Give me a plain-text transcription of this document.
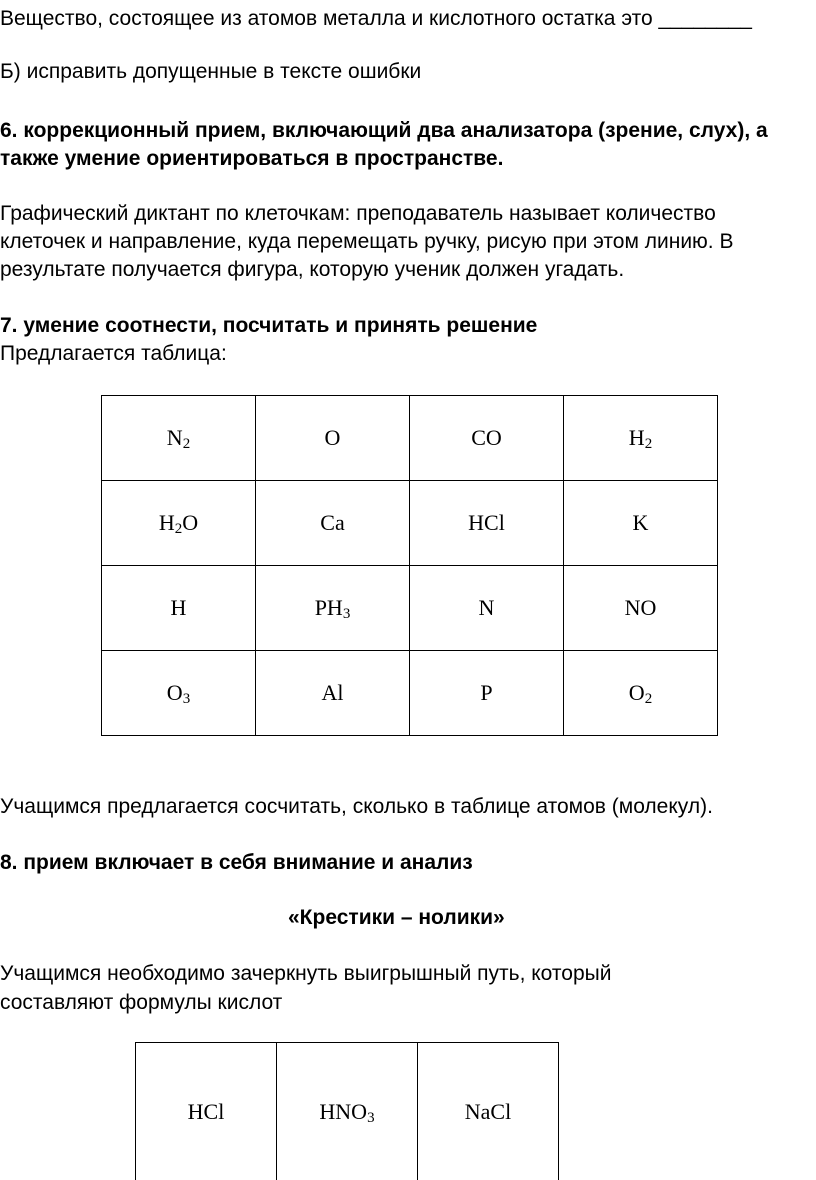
Вещество, состоящее из атомов металла и кислотного остатка это ________
Б) исправить допущенные в тексте ошибки
6. коррекционный прием, включающий два анализатора (зрение, слух), а
также умение ориентироваться в пространстве.
Графический диктант по клеточкам: преподаватель называет количество
клеточек и направление, куда перемещать ручку, рисую при этом линию. В
результате получается фигура, которую ученик должен угадать.
7. умение соотнести, посчитать и принять решение
Предлагается таблица:
$N_2$	O	CO	$H_2$
$H_2O$	Ca	HCl	K
H	$PH_3$	N	NO
$O_3$	Al	P	$O_2$
Учащимся предлагается сосчитать, сколько в таблице атомов (молекул).
8. прием включает в себя внимание и анализ
«Крестики – нолики»
Учащимся необходимо зачеркнуть выигрышный путь, который
составляют формулы кислот
HCl	$HNO_3$	NaCl
